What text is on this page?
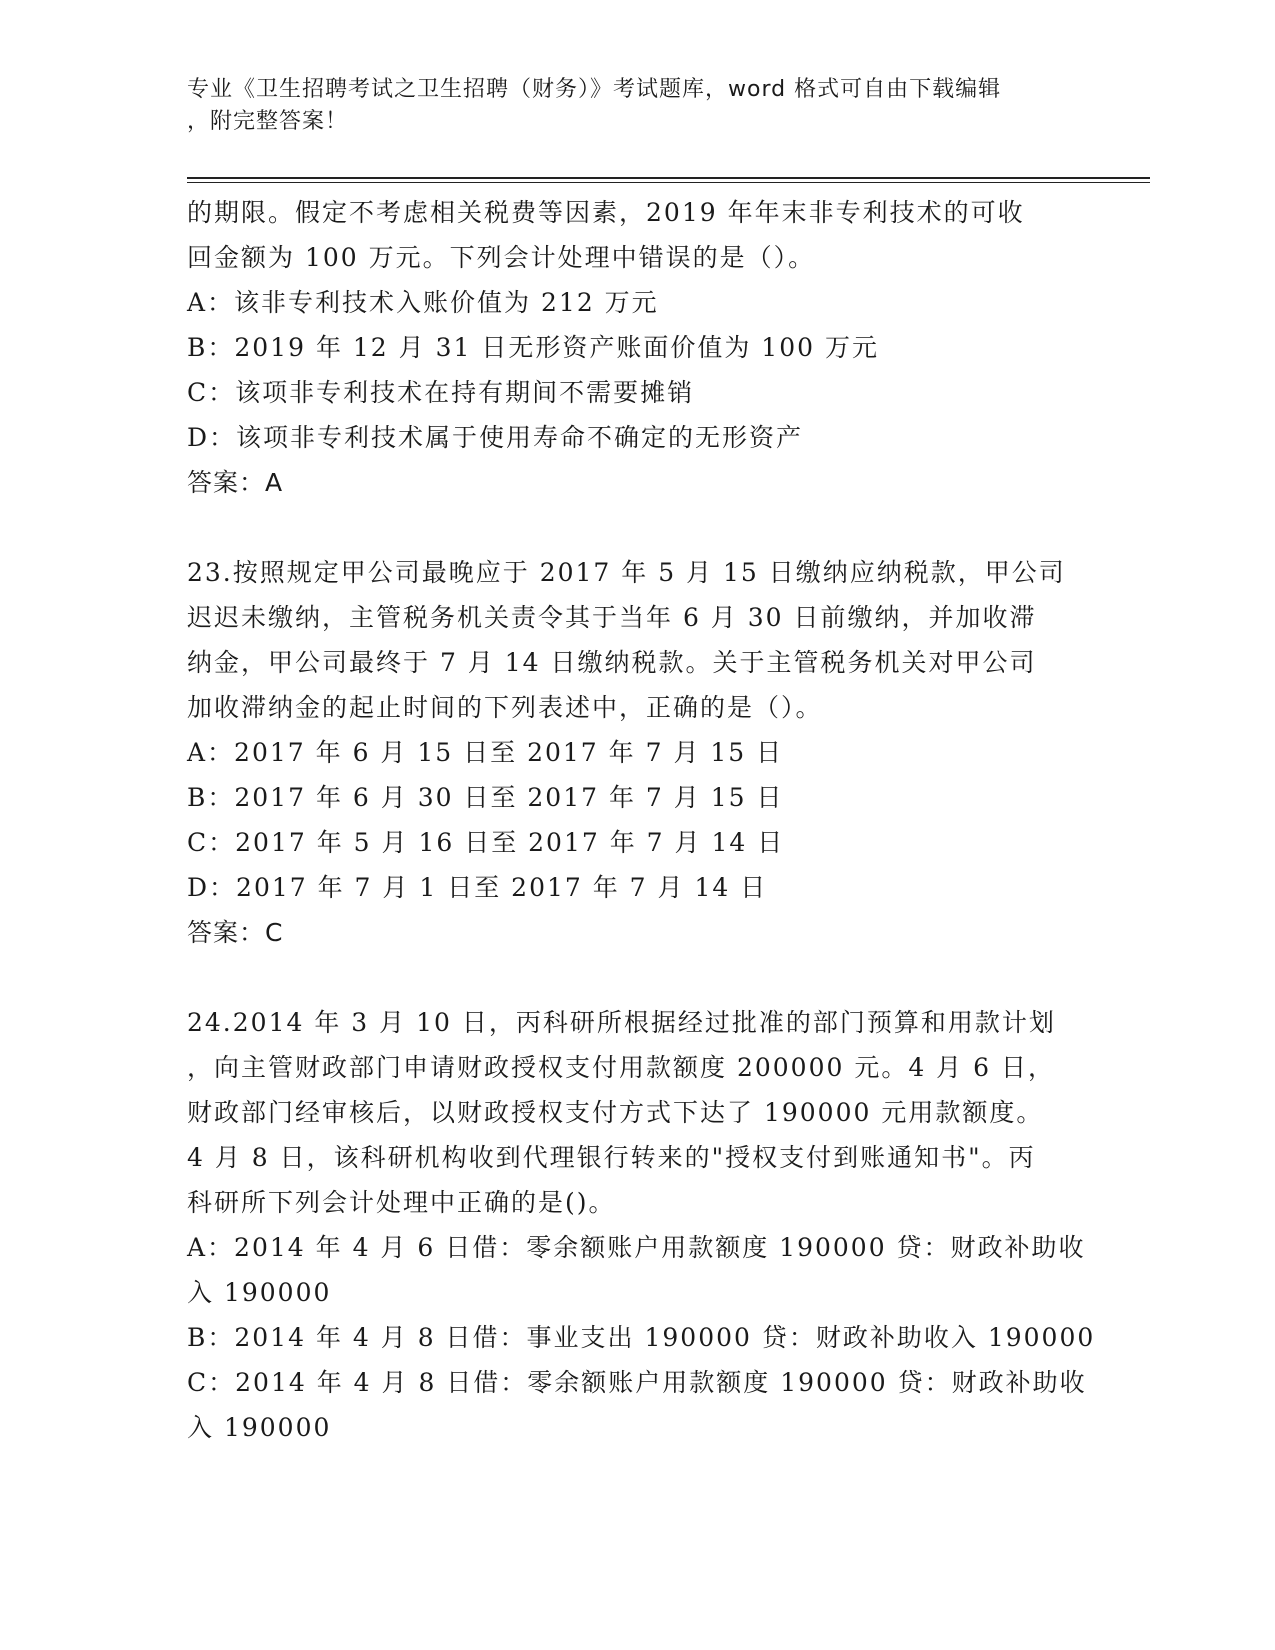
专业《卫生招聘考试之卫生招聘（财务）》考试题库，word 格式可自由下载编辑
，附完整答案！
的期限。假定不考虑相关税费等因素，2019 年年末非专利技术的可收
回金额为 100 万元。下列会计处理中错误的是（）。
A：该非专利技术入账价值为 212 万元
B：2019 年 12 月 31 日无形资产账面价值为 100 万元
C：该项非专利技术在持有期间不需要摊销
D：该项非专利技术属于使用寿命不确定的无形资产
答案：A
23.按照规定甲公司最晚应于 2017 年 5 月 15 日缴纳应纳税款，甲公司
迟迟未缴纳，主管税务机关责令其于当年 6 月 30 日前缴纳，并加收滞
纳金，甲公司最终于 7 月 14 日缴纳税款。关于主管税务机关对甲公司
加收滞纳金的起止时间的下列表述中，正确的是（）。
A：2017 年 6 月 15 日至 2017 年 7 月 15 日
B：2017 年 6 月 30 日至 2017 年 7 月 15 日
C：2017 年 5 月 16 日至 2017 年 7 月 14 日
D：2017 年 7 月 1 日至 2017 年 7 月 14 日
答案：C
24.2014 年 3 月 10 日，丙科研所根据经过批准的部门预算和用款计划
，向主管财政部门申请财政授权支付用款额度 200000 元。4 月 6 日，
财政部门经审核后，以财政授权支付方式下达了 190000 元用款额度。
4 月 8 日，该科研机构收到代理银行转来的"授权支付到账通知书"。丙
科研所下列会计处理中正确的是()。
A：2014 年 4 月 6 日借：零余额账户用款额度 190000 贷：财政补助收
入 190000
B：2014 年 4 月 8 日借：事业支出 190000 贷：财政补助收入 190000
C：2014 年 4 月 8 日借：零余额账户用款额度 190000 贷：财政补助收
入 190000
